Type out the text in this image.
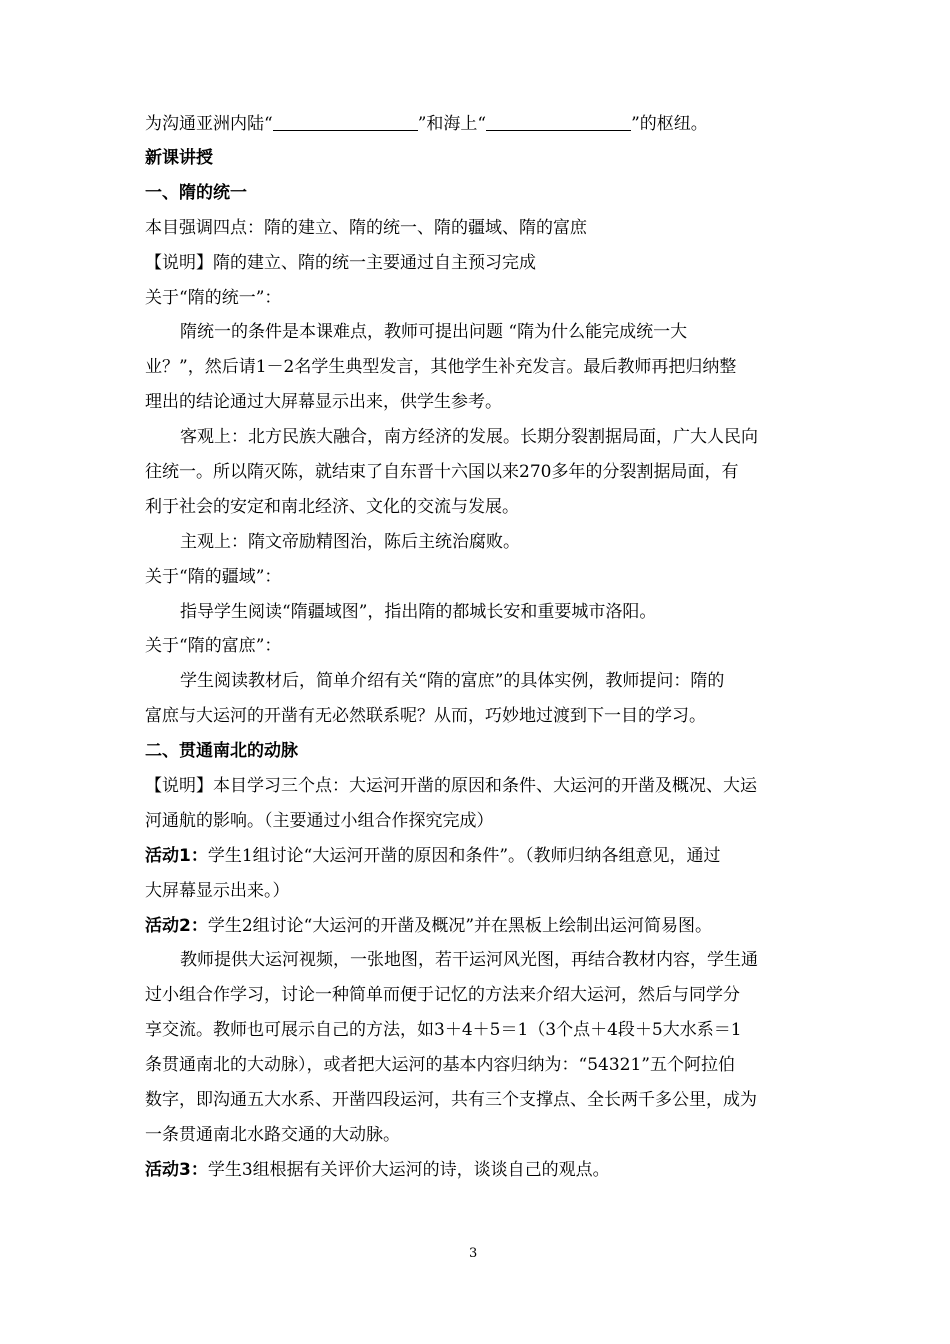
为沟通亚洲内陆“	”和海上“	”的枢纽。
新课讲授
一、隋的统一
本目强调四点：隋的建立、隋的统一、隋的疆域、隋的富庶
【说明】隋的建立、隋的统一主要通过自主预习完成
关于“隋的统一”：
隋统一的条件是本课难点，教师可提出问题 “隋为什么能完成统一大
业？”，然后请1－2名学生典型发言，其他学生补充发言。最后教师再把归纳整
理出的结论通过大屏幕显示出来，供学生参考。
客观上：北方民族大融合，南方经济的发展。长期分裂割据局面，广大人民向
往统一。所以隋灭陈，就结束了自东晋十六国以来270多年的分裂割据局面，有
利于社会的安定和南北经济、文化的交流与发展。
主观上：隋文帝励精图治，陈后主统治腐败。
关于“隋的疆域”：
指导学生阅读“隋疆域图”，指出隋的都城长安和重要城市洛阳。
关于“隋的富庶”：
学生阅读教材后，简单介绍有关“隋的富庶”的具体实例，教师提问：隋的
富庶与大运河的开凿有无必然联系呢？从而，巧妙地过渡到下一目的学习。
二、贯通南北的动脉
【说明】本目学习三个点：大运河开凿的原因和条件、大运河的开凿及概况、大运
河通航的影响。（主要通过小组合作探究完成）
活动1：学生1组讨论“大运河开凿的原因和条件”。（教师归纳各组意见，通过
大屏幕显示出来。）
活动2：学生2组讨论“大运河的开凿及概况”并在黑板上绘制出运河简易图。
教师提供大运河视频，一张地图，若干运河风光图，再结合教材内容，学生通
过小组合作学习，讨论一种简单而便于记忆的方法来介绍大运河，然后与同学分
享交流。教师也可展示自己的方法，如3＋4＋5＝1（3个点＋4段＋5大水系＝1
条贯通南北的大动脉），或者把大运河的基本内容归纳为：“54321”五个阿拉伯
数字，即沟通五大水系、开凿四段运河，共有三个支撑点、全长两千多公里，成为
一条贯通南北水路交通的大动脉。
活动3：学生3组根据有关评价大运河的诗，谈谈自己的观点。
3
